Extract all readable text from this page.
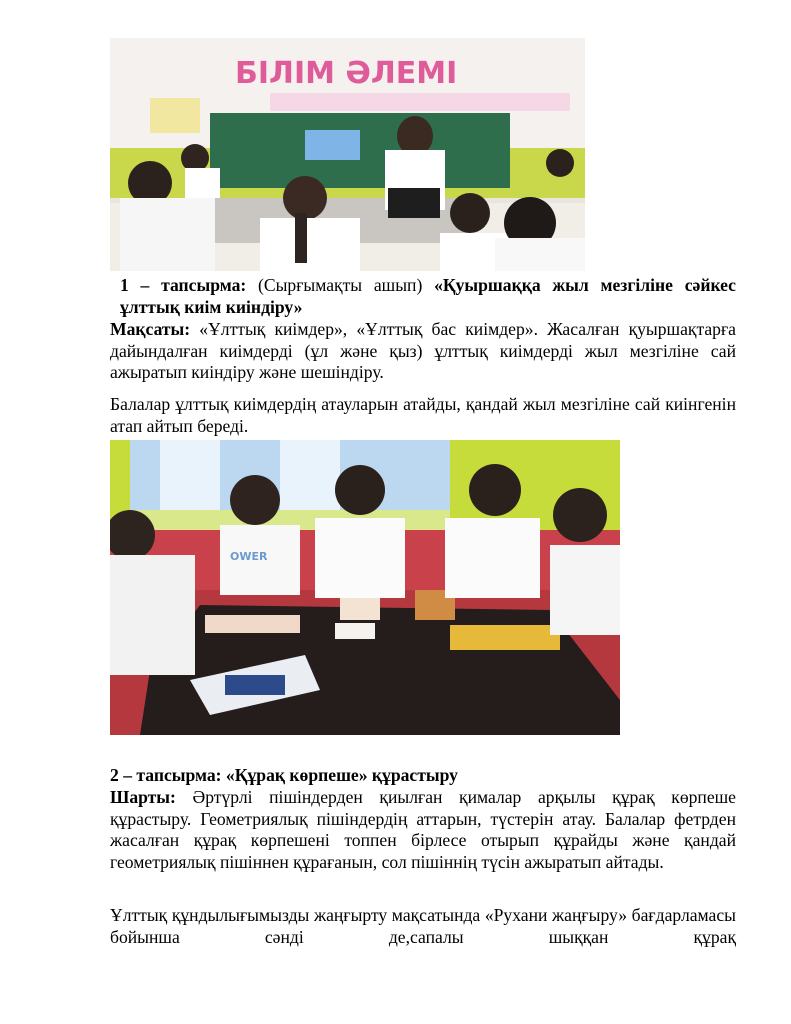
БІЛІМ ӘЛЕМІ
1 – тапсырма: (Сырғымақты ашып) «Қуыршаққа жыл мезгіліне сәйкес ұлттық киім киіндіру»
Мақсаты: «Ұлттық киімдер», «Ұлттық бас киімдер». Жасалған қуыршақтарға дайындалған киімдерді (ұл және қыз) ұлттық киімдерді жыл мезгіліне сай ажыратып киіндіру және шешіндіру.
Балалар ұлттық киімдердің атауларын атайды, қандай жыл мезгіліне сай киінгенін атап айтып береді.
OWER
2 – тапсырма: «Құрақ көрпеше» құрастыру
Шарты: Әртүрлі пішіндерден қиылған қималар арқылы құрақ көрпеше құрастыру. Геометриялық пішіндердің аттарын, түстерін атау. Балалар фетрден жасалған құрақ көрпешені топпен бірлесе отырып құрайды және қандай геометриялық пішіннен құрағанын, сол пішіннің түсін ажыратып айтады.
Ұлттық құндылығымызды жаңғырту мақсатында «Рухани жаңғыру» бағдарламасы бойынша сәнді де,сапалы шыққан құрақ
